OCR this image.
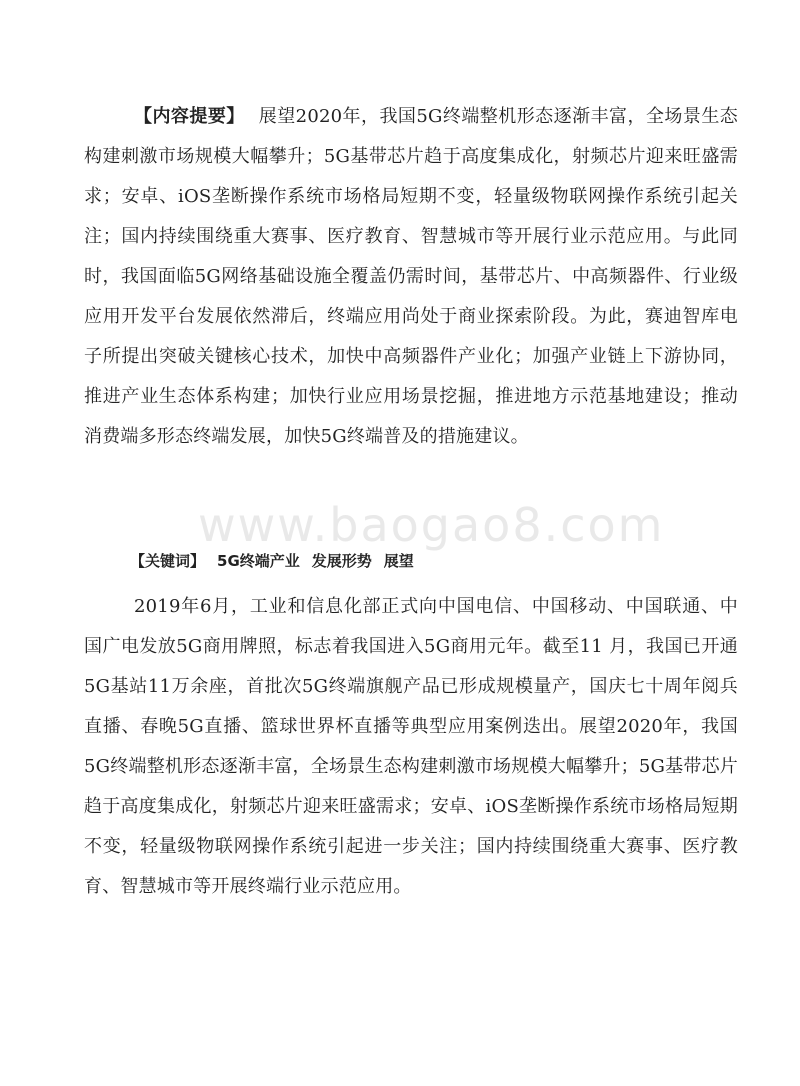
【内容提要】 展望2020年，我国5G终端整机形态逐渐丰富，全场景生态构建刺激市场规模大幅攀升；5G基带芯片趋于高度集成化，射频芯片迎来旺盛需求；安卓、iOS垄断操作系统市场格局短期不变，轻量级物联网操作系统引起关注；国内持续围绕重大赛事、医疗教育、智慧城市等开展行业示范应用。与此同时，我国面临5G网络基础设施全覆盖仍需时间，基带芯片、中高频器件、行业级应用开发平台发展依然滞后，终端应用尚处于商业探索阶段。为此，赛迪智库电子所提出突破关键核心技术，加快中高频器件产业化；加强产业链上下游协同，推进产业生态体系构建；加快行业应用场景挖掘，推进地方示范基地建设；推动消费端多形态终端发展，加快5G终端普及的措施建议。

www.baogao8.com

【关键词】 5G终端产业 发展形势 展望

2019年6月，工业和信息化部正式向中国电信、中国移动、中国联通、中国广电发放5G商用牌照，标志着我国进入5G商用元年。截至11 月，我国已开通5G基站11万余座，首批次5G终端旗舰产品已形成规模量产，国庆七十周年阅兵直播、春晚5G直播、篮球世界杯直播等典型应用案例迭出。展望2020年，我国5G终端整机形态逐渐丰富，全场景生态构建刺激市场规模大幅攀升；5G基带芯片趋于高度集成化，射频芯片迎来旺盛需求；安卓、iOS垄断操作系统市场格局短期不变，轻量级物联网操作系统引起进一步关注；国内持续围绕重大赛事、医疗教育、智慧城市等开展终端行业示范应用。
